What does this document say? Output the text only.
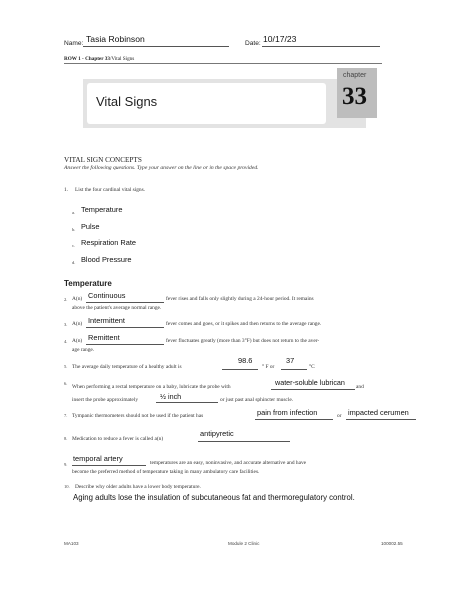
Name: Tasia Robinson	Date: 10/17/23
ROW 1 - Chapter 33/Vital Signs
Vital Signs
chapter
33
VITAL SIGN CONCEPTS
Answer the following questions. Type your answer on the line or in the space provided.
1. List the four cardinal vital signs.
a. Temperature
b. Pulse
c. Respiration Rate
d. Blood Pressure
Temperature
2. A(n) Continuous	fever rises and falls only slightly during a 24-hour period. It remains
above the patient's average normal range.
3. A(n) Intermittent	fever comes and goes, or it spikes and then returns to the average range.
4. A(n) Remittent	fever fluctuates greatly (more than 3°F) but does not return to the aver-
age range.
5. The average daily temperature of a healthy adult is
98.6
° F or
37
°C
6.
When performing a rectal temperature on a baby, lubricate the probe with	water-soluble lubrican and
insert the probe approximately	½ inch	or just past anal sphincter muscle.
7. Tympanic thermometers should not be used if the patient has	pain from infection	or impacted cerumen
8. Medication to reduce a fever is called a(n)
antipyretic
9.
temporal artery	temperatures are an easy, noninvasive, and accurate alternative and have
become the preferred method of temperature taking in many ambulatory care facilities.
10. Describe why older adults have a lower body temperature.
Aging adults lose the insulation of subcutaneous fat and thermoregulatory control.
MA103	Module 2 Clinic	100002.55
